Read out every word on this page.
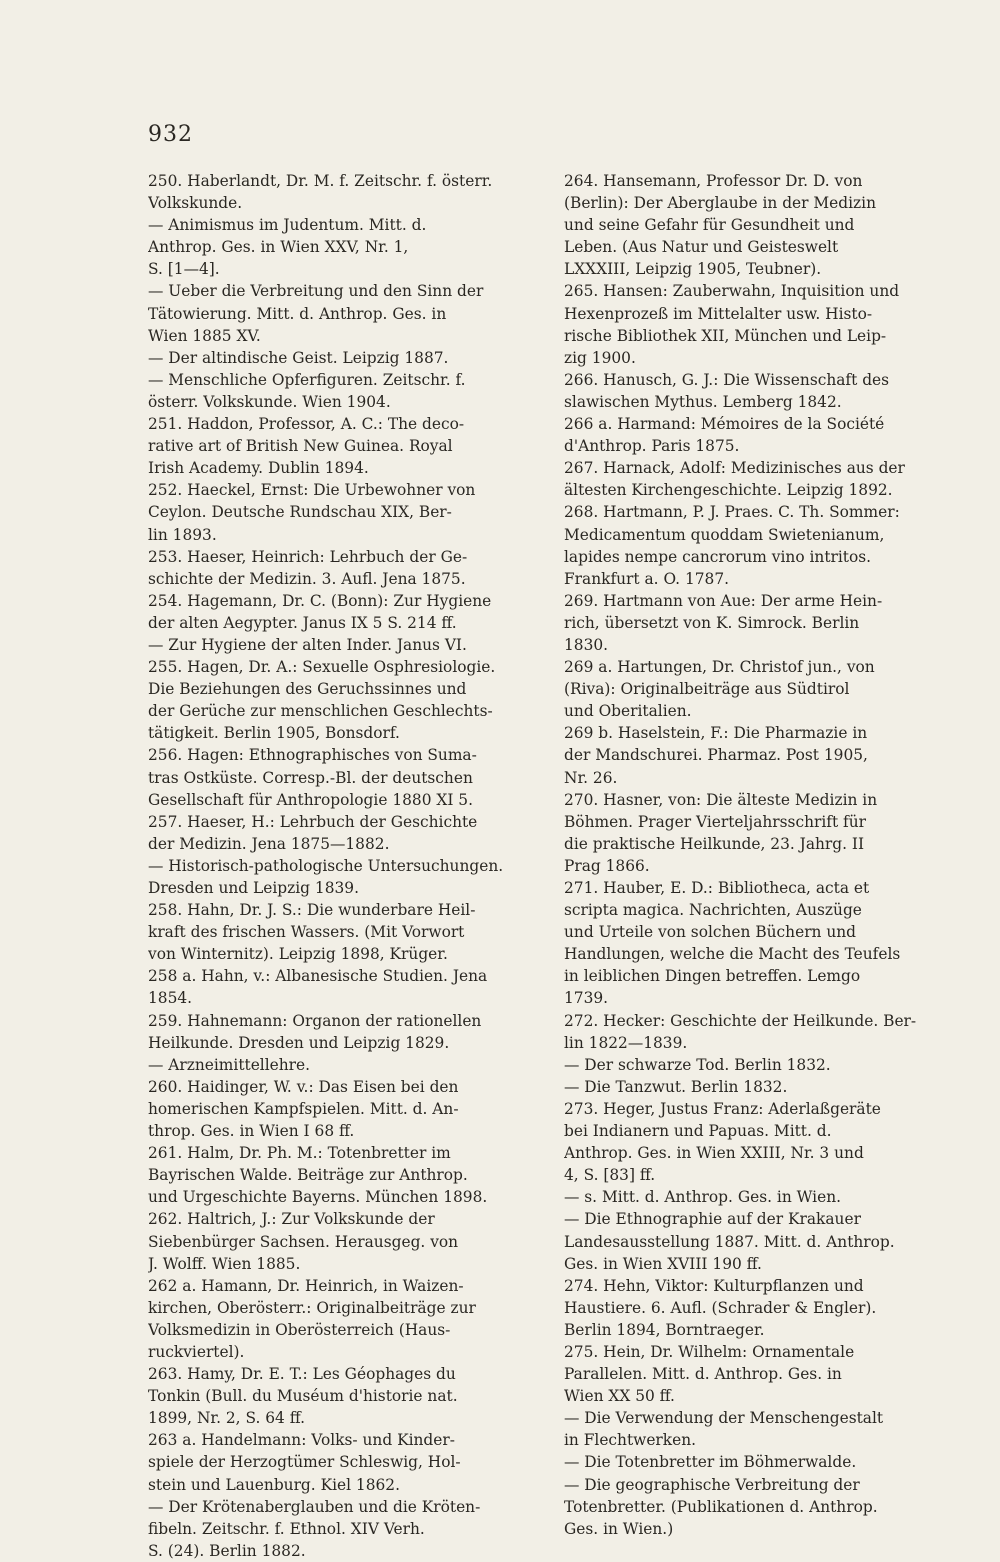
932
250. Haberlandt, Dr. M. f. Zeitschr. f. österr.
Volkskunde.
— Animismus im Judentum. Mitt. d.
Anthrop. Ges. in Wien XXV, Nr. 1,
S. [1—4].
— Ueber die Verbreitung und den Sinn der
Tätowierung. Mitt. d. Anthrop. Ges. in
Wien 1885 XV.
— Der altindische Geist. Leipzig 1887.
— Menschliche Opferfiguren. Zeitschr. f.
österr. Volkskunde. Wien 1904.
251. Haddon, Professor, A. C.: The deco-
rative art of British New Guinea. Royal
Irish Academy. Dublin 1894.
252. Haeckel, Ernst: Die Urbewohner von
Ceylon. Deutsche Rundschau XIX, Ber-
lin 1893.
253. Haeser, Heinrich: Lehrbuch der Ge-
schichte der Medizin. 3. Aufl. Jena 1875.
254. Hagemann, Dr. C. (Bonn): Zur Hygiene
der alten Aegypter. Janus IX 5 S. 214 ff.
— Zur Hygiene der alten Inder. Janus VI.
255. Hagen, Dr. A.: Sexuelle Osphresiologie.
Die Beziehungen des Geruchssinnes und
der Gerüche zur menschlichen Geschlechts-
tätigkeit. Berlin 1905, Bonsdorf.
256. Hagen: Ethnographisches von Suma-
tras Ostküste. Corresp.-Bl. der deutschen
Gesellschaft für Anthropologie 1880 XI 5.
257. Haeser, H.: Lehrbuch der Geschichte
der Medizin. Jena 1875—1882.
— Historisch-pathologische Untersuchungen.
Dresden und Leipzig 1839.
258. Hahn, Dr. J. S.: Die wunderbare Heil-
kraft des frischen Wassers. (Mit Vorwort
von Winternitz). Leipzig 1898, Krüger.
258 a. Hahn, v.: Albanesische Studien. Jena
1854.
259. Hahnemann: Organon der rationellen
Heilkunde. Dresden und Leipzig 1829.
— Arzneimittellehre.
260. Haidinger, W. v.: Das Eisen bei den
homerischen Kampfspielen. Mitt. d. An-
throp. Ges. in Wien I 68 ff.
261. Halm, Dr. Ph. M.: Totenbretter im
Bayrischen Walde. Beiträge zur Anthrop.
und Urgeschichte Bayerns. München 1898.
262. Haltrich, J.: Zur Volkskunde der
Siebenbürger Sachsen. Herausgeg. von
J. Wolff. Wien 1885.
262 a. Hamann, Dr. Heinrich, in Waizen-
kirchen, Oberösterr.: Originalbeiträge zur
Volksmedizin in Oberösterreich (Haus-
ruckviertel).
263. Hamy, Dr. E. T.: Les Géophages du
Tonkin (Bull. du Muséum d'historie nat.
1899, Nr. 2, S. 64 ff.
263 a. Handelmann: Volks- und Kinder-
spiele der Herzogtümer Schleswig, Hol-
stein und Lauenburg. Kiel 1862.
— Der Krötenaberglauben und die Kröten-
fibeln. Zeitschr. f. Ethnol. XIV Verh.
S. (24). Berlin 1882.
264. Hansemann, Professor Dr. D. von
(Berlin): Der Aberglaube in der Medizin
und seine Gefahr für Gesundheit und
Leben. (Aus Natur und Geisteswelt
LXXXIII, Leipzig 1905, Teubner).
265. Hansen: Zauberwahn, Inquisition und
Hexenprozeß im Mittelalter usw. Histo-
rische Bibliothek XII, München und Leip-
zig 1900.
266. Hanusch, G. J.: Die Wissenschaft des
slawischen Mythus. Lemberg 1842.
266 a. Harmand: Mémoires de la Société
d'Anthrop. Paris 1875.
267. Harnack, Adolf: Medizinisches aus der
ältesten Kirchengeschichte. Leipzig 1892.
268. Hartmann, P. J. Praes. C. Th. Sommer:
Medicamentum quoddam Swietenianum,
lapides nempe cancrorum vino intritos.
Frankfurt a. O. 1787.
269. Hartmann von Aue: Der arme Hein-
rich, übersetzt von K. Simrock. Berlin
1830.
269 a. Hartungen, Dr. Christof jun., von
(Riva): Originalbeiträge aus Südtirol
und Oberitalien.
269 b. Haselstein, F.: Die Pharmazie in
der Mandschurei. Pharmaz. Post 1905,
Nr. 26.
270. Hasner, von: Die älteste Medizin in
Böhmen. Prager Vierteljahrsschrift für
die praktische Heilkunde, 23. Jahrg. II
Prag 1866.
271. Hauber, E. D.: Bibliotheca, acta et
scripta magica. Nachrichten, Auszüge
und Urteile von solchen Büchern und
Handlungen, welche die Macht des Teufels
in leiblichen Dingen betreffen. Lemgo
1739.
272. Hecker: Geschichte der Heilkunde. Ber-
lin 1822—1839.
— Der schwarze Tod. Berlin 1832.
— Die Tanzwut. Berlin 1832.
273. Heger, Justus Franz: Aderlaßgeräte
bei Indianern und Papuas. Mitt. d.
Anthrop. Ges. in Wien XXIII, Nr. 3 und
4, S. [83] ff.
— s. Mitt. d. Anthrop. Ges. in Wien.
— Die Ethnographie auf der Krakauer
Landesausstellung 1887. Mitt. d. Anthrop.
Ges. in Wien XVIII 190 ff.
274. Hehn, Viktor: Kulturpflanzen und
Haustiere. 6. Aufl. (Schrader & Engler).
Berlin 1894, Borntraeger.
275. Hein, Dr. Wilhelm: Ornamentale
Parallelen. Mitt. d. Anthrop. Ges. in
Wien XX 50 ff.
— Die Verwendung der Menschengestalt
in Flechtwerken.
— Die Totenbretter im Böhmerwalde.
— Die geographische Verbreitung der
Totenbretter. (Publikationen d. Anthrop.
Ges. in Wien.)
